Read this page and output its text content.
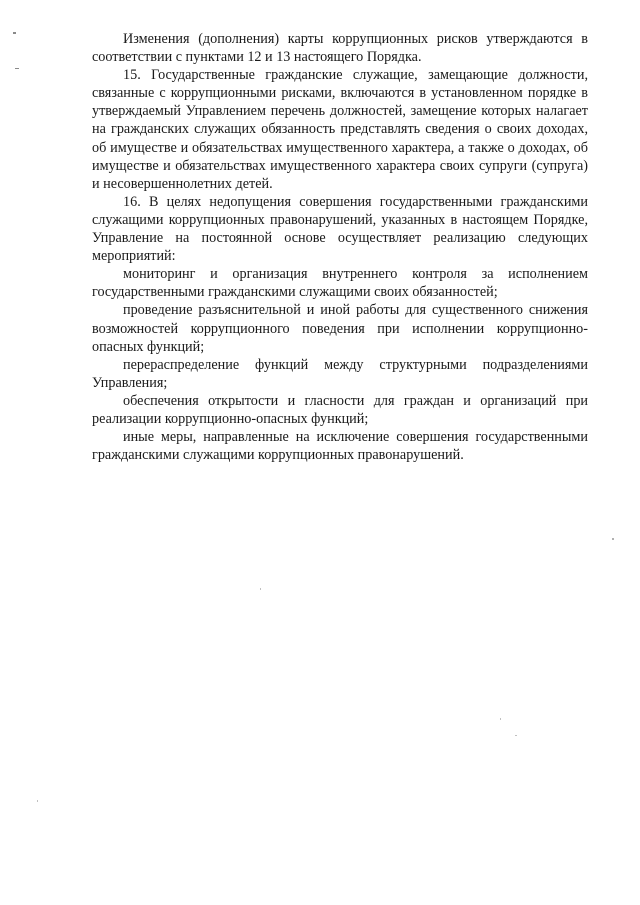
Изменения (дополнения) карты коррупционных рисков утверждаются в соответствии с пунктами 12 и 13 настоящего Порядка.

15. Государственные гражданские служащие, замещающие должности, связанные с коррупционными рисками, включаются в установленном порядке в утверждаемый Управлением перечень должностей, замещение которых налагает на гражданских служащих обязанность представлять сведения о своих доходах, об имуществе и обязательствах имущественного характера, а также о доходах, об имуществе и обязательствах имущественного характера своих супруги (супруга) и несовершеннолетних детей.

16. В целях недопущения совершения государственными гражданскими служащими коррупционных правонарушений, указанных в настоящем Порядке, Управление на постоянной основе осуществляет реализацию следующих мероприятий:

мониторинг и организация внутреннего контроля за исполнением государственными гражданскими служащими своих обязанностей;

проведение разъяснительной и иной работы для существенного снижения возможностей коррупционного поведения при исполнении коррупционно-опасных функций;

перераспределение функций между структурными подразделениями Управления;

обеспечения открытости и гласности для граждан и организаций при реализации коррупционно-опасных функций;

иные меры, направленные на исключение совершения государственными гражданскими служащими коррупционных правонарушений.
